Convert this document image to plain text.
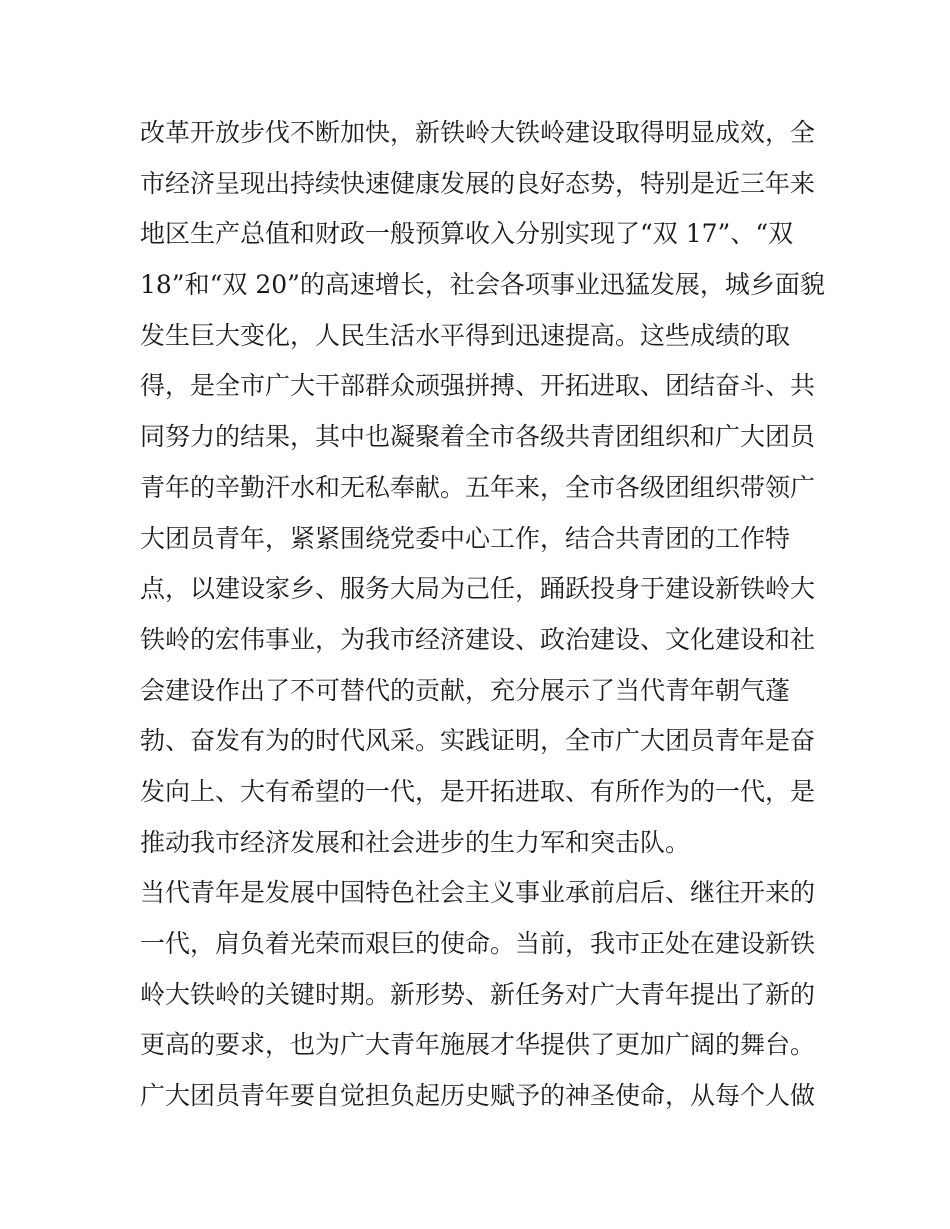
改革开放步伐不断加快，新铁岭大铁岭建设取得明显成效，全
市经济呈现出持续快速健康发展的良好态势，特别是近三年来
地区生产总值和财政一般预算收入分别实现了“双 17”、“双
18”和“双 20”的高速增长，社会各项事业迅猛发展，城乡面貌
发生巨大变化，人民生活水平得到迅速提高。这些成绩的取
得，是全市广大干部群众顽强拼搏、开拓进取、团结奋斗、共
同努力的结果，其中也凝聚着全市各级共青团组织和广大团员
青年的辛勤汗水和无私奉献。五年来，全市各级团组织带领广
大团员青年，紧紧围绕党委中心工作，结合共青团的工作特
点，以建设家乡、服务大局为己任，踊跃投身于建设新铁岭大
铁岭的宏伟事业，为我市经济建设、政治建设、文化建设和社
会建设作出了不可替代的贡献，充分展示了当代青年朝气蓬
勃、奋发有为的时代风采。实践证明，全市广大团员青年是奋
发向上、大有希望的一代，是开拓进取、有所作为的一代，是
推动我市经济发展和社会进步的生力军和突击队。
当代青年是发展中国特色社会主义事业承前启后、继往开来的
一代，肩负着光荣而艰巨的使命。当前，我市正处在建设新铁
岭大铁岭的关键时期。新形势、新任务对广大青年提出了新的
更高的要求，也为广大青年施展才华提供了更加广阔的舞台。
广大团员青年要自觉担负起历史赋予的神圣使命，从每个人做
